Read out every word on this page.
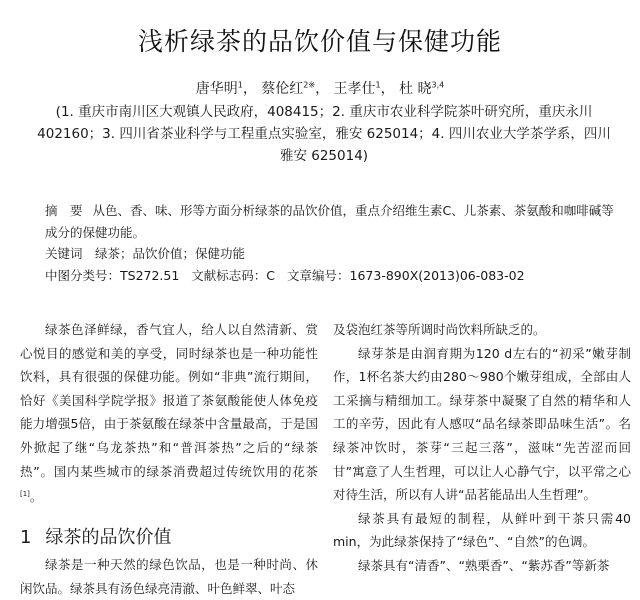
浅析绿茶的品饮价值与保健功能
唐华明$^1$， 蔡伦红$^{2※}$， 王孝仕$^1$， 杜 晓$^{3,4}$
(1. 重庆市南川区大观镇人民政府，408415；2. 重庆市农业科学院茶叶研究所，重庆永川 402160；3. 四川省茶业科学与工程重点实验室，雅安 625014；4. 四川农业大学茶学系，四川雅安 625014)
摘　要 从色、香、味、形等方面分析绿茶的品饮价值，重点介绍维生素C、儿茶素、茶氨酸和咖啡碱等成分的保健功能。
关键词　 绿茶；品饮价值；保健功能
中图分类号：TS272.51 文献标志码：C 文章编号：1673-890X(2013)06-083-02

绿茶色泽鲜绿，香气宜人，给人以自然清新、赏心悦目的感觉和美的享受，同时绿茶也是一种功能性饮料，具有很强的保健功能。例如“非典”流行期间，恰好《美国科学院学报》报道了茶氨酸能使人体免疫能力增强5倍，由于茶氨酸在绿茶中含量最高，于是国外掀起了继“乌龙茶热”和“普洱茶热”之后的“绿茶热”。国内某些城市的绿茶消费超过传统饮用的花茶[1]。

1 绿茶的品饮价值

绿茶是一种天然的绿色饮品，也是一种时尚、休闲饮品。绿茶具有汤色绿亮清澈、叶色鲜翠、叶态

及袋泡红茶等所调时尚饮料所缺乏的。

绿芽茶是由润育期为120 d左右的“初采”嫩芽制作，1杯名茶大约由280～980个嫩芽组成，全部由人工采摘与精细加工。绿芽茶中凝聚了自然的精华和人工的辛劳，因此有人感叹“品名绿茶即品味生活”。名绿茶冲饮时，茶芽“三起三落”，滋味“先苦涩而回甘”寓意了人生哲理，可以让人心静气宁，以平常之心对待生活，所以有人讲“品茗能品出人生哲理”。

绿茶具有最短的制程，从鲜叶到干茶只需40 min，为此绿茶保持了“绿色”、“自然”的色调。

绿茶具有“清香”、“熟栗香”、“紫苏香”等新茶
